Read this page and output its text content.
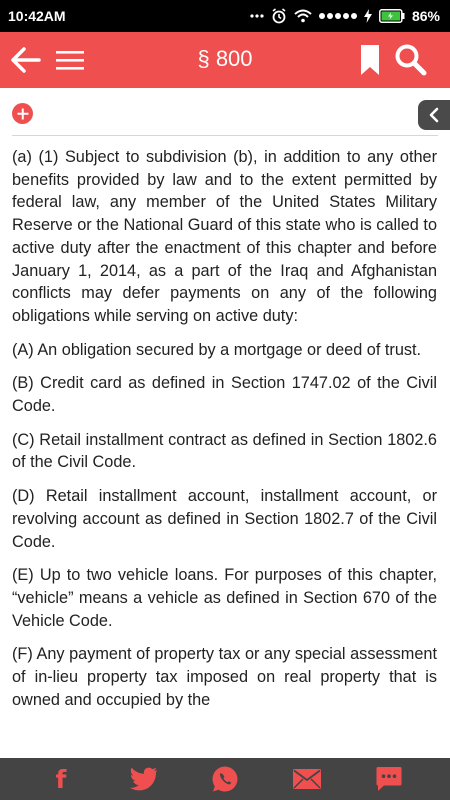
10:42AM	86%
§ 800

(a) (1) Subject to subdivision (b), in addition to any other benefits provided by law and to the extent permitted by federal law, any member of the United States Military Reserve or the National Guard of this state who is called to active duty after the enactment of this chapter and before January 1, 2014, as a part of the Iraq and Afghanistan conflicts may defer payments on any of the following obligations while serving on active duty:

(A) An obligation secured by a mortgage or deed of trust.

(B) Credit card as defined in Section 1747.02 of the Civil Code.

(C) Retail installment contract as defined in Section 1802.6 of the Civil Code.

(D) Retail installment account, installment account, or revolving account as defined in Section 1802.7 of the Civil Code.

(E) Up to two vehicle loans. For purposes of this chapter, “vehicle” means a vehicle as defined in Section 670 of the Vehicle Code.

(F) Any payment of property tax or any special assessment of in-lieu property tax imposed on real property that is owned and occupied by the

f
